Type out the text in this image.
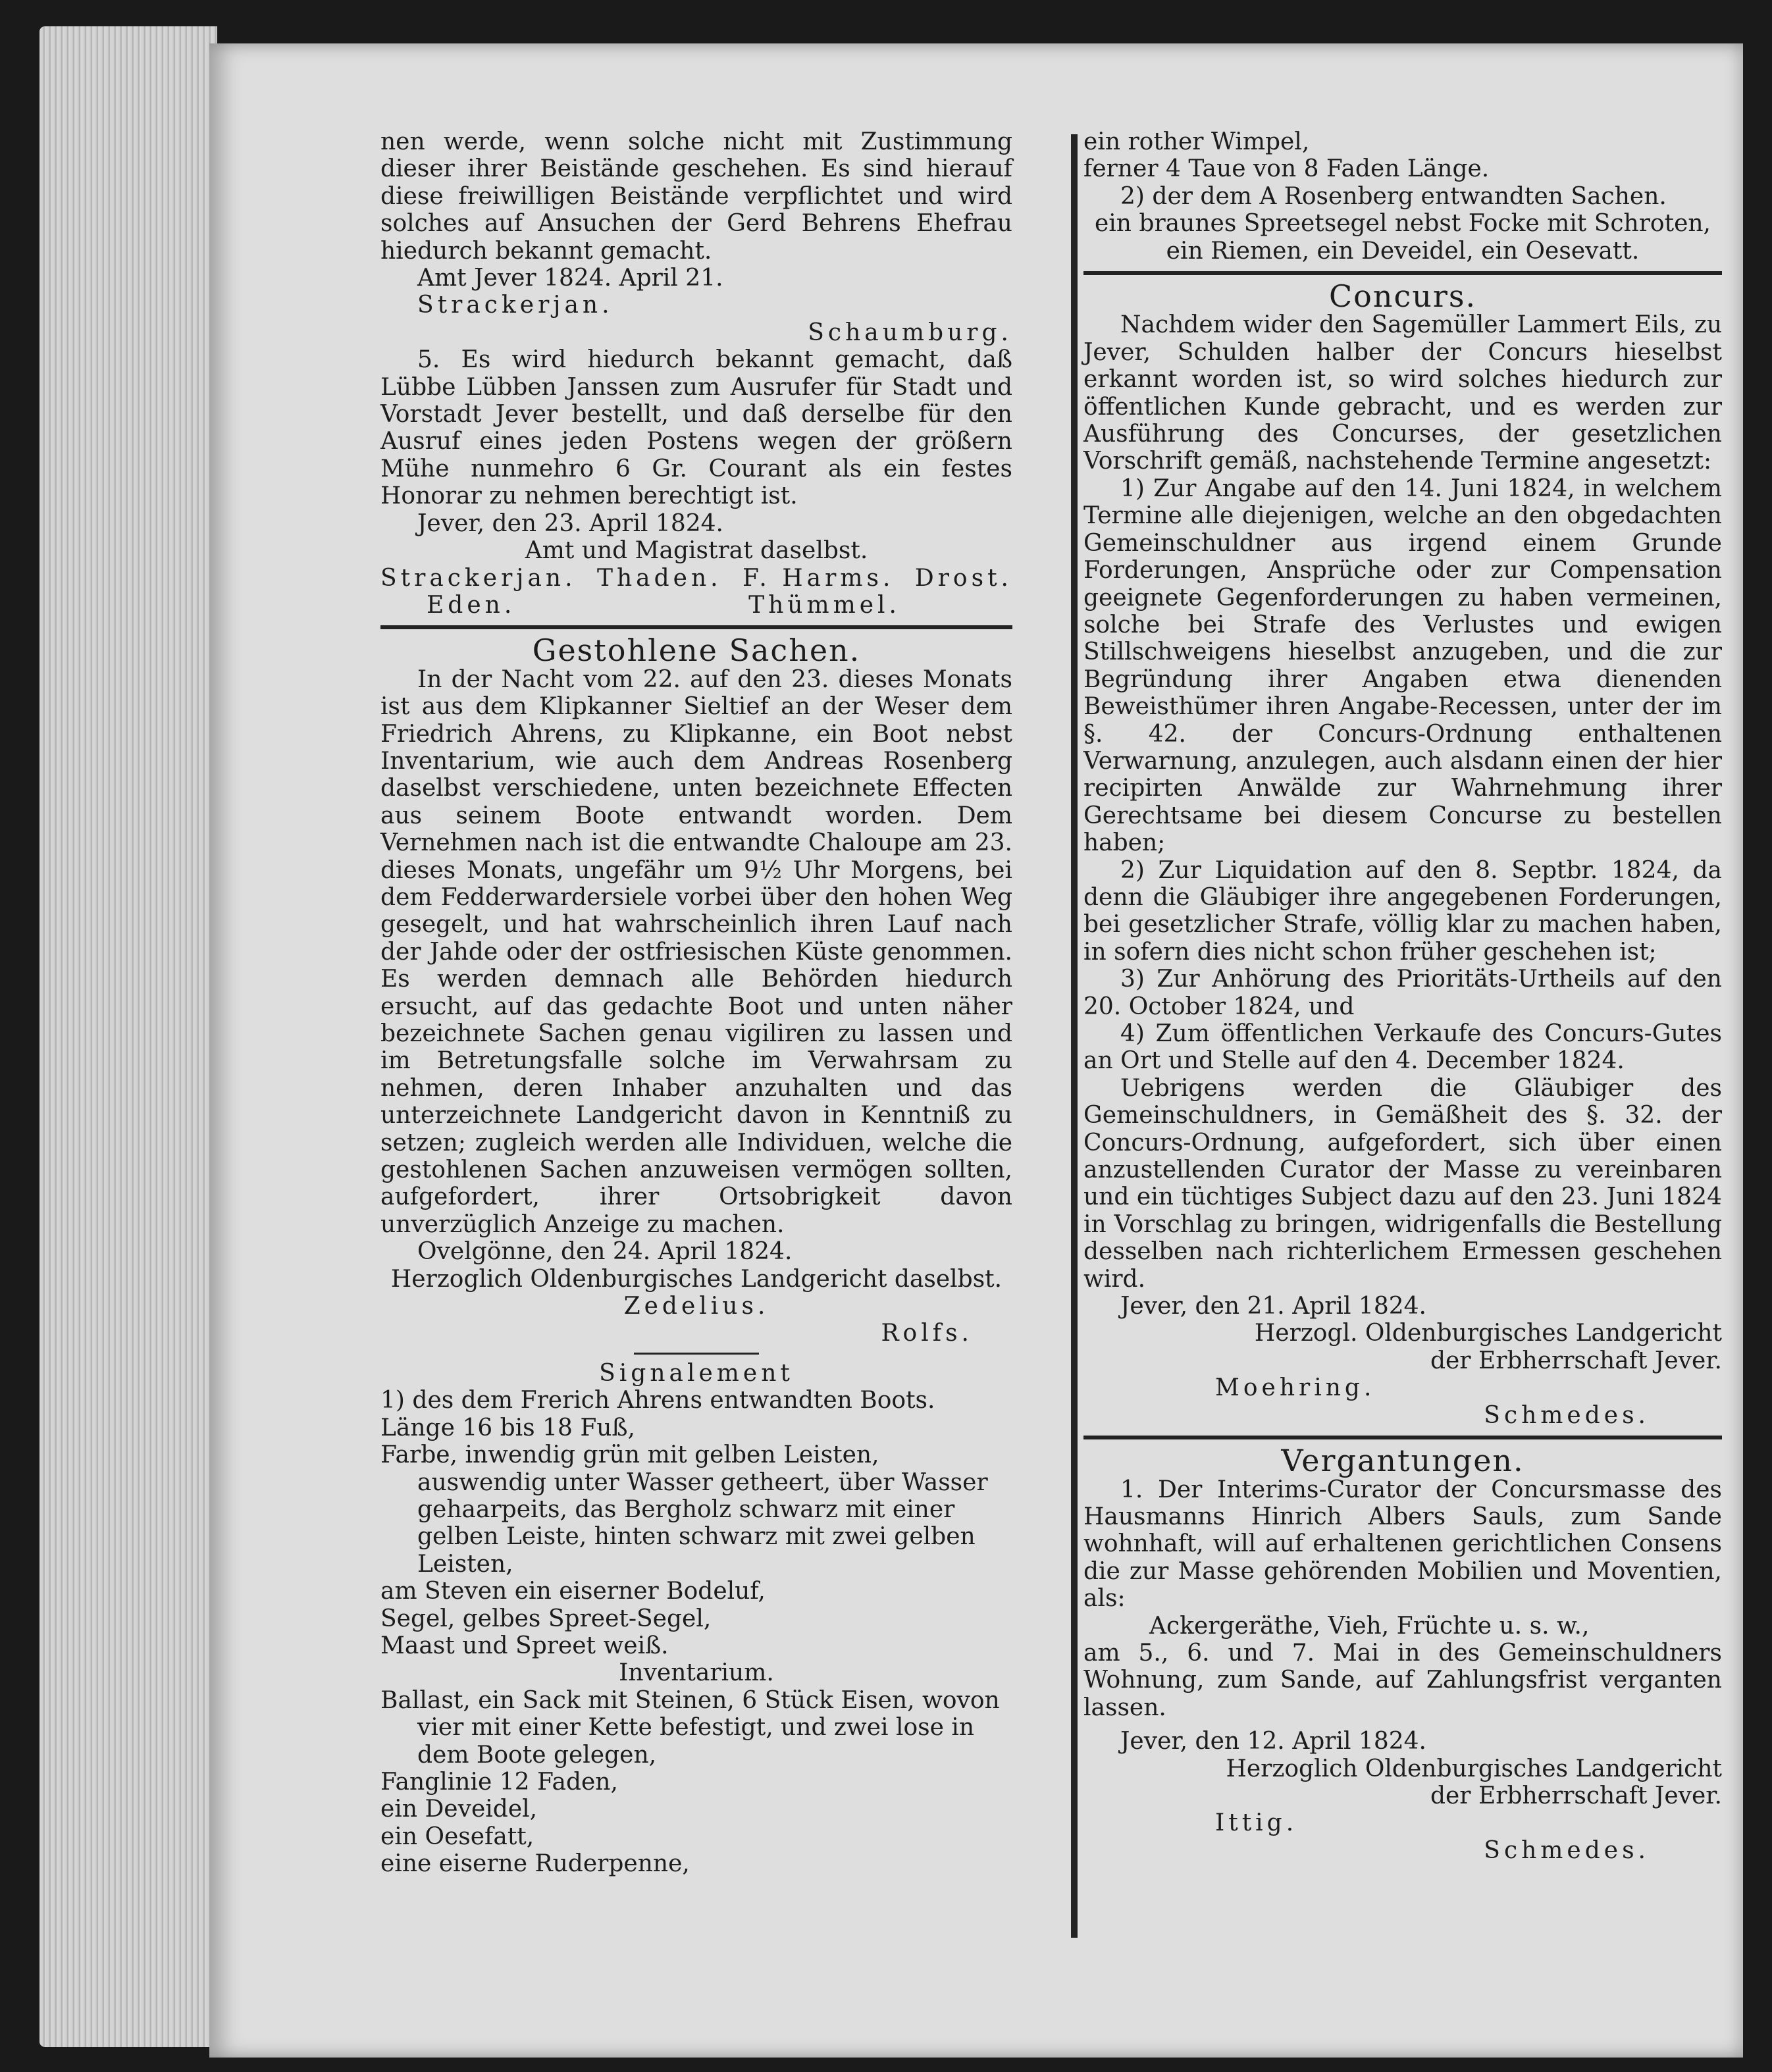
nen werde, wenn solche nicht mit Zustimmung dieser ihrer Beistände geschehen. Es sind hierauf diese freiwilligen Beistände verpflichtet und wird solches auf Ansuchen der Gerd Behrens Ehefrau hiedurch bekannt gemacht.

Amt Jever 1824. April 21.

Strackerjan.

Schaumburg.

5. Es wird hiedurch bekannt gemacht, daß Lübbe Lübben Janssen zum Ausrufer für Stadt und Vorstadt Jever bestellt, und daß derselbe für den Ausruf eines jeden Postens wegen der größern Mühe nunmehro 6 Gr. Courant als ein festes Honorar zu nehmen berechtigt ist.

Jever, den 23. April 1824.

Amt und Magistrat daselbst.

Strackerjan. Thaden. F. Harms. Drost.
Eden.	Thümmel.
Gestohlene Sachen.

In der Nacht vom 22. auf den 23. dieses Monats ist aus dem Klipkanner Sieltief an der Weser dem Friedrich Ahrens, zu Klipkanne, ein Boot nebst Inventarium, wie auch dem Andreas Rosenberg daselbst verschiedene, unten bezeichnete Effecten aus seinem Boote entwandt worden. Dem Vernehmen nach ist die entwandte Chaloupe am 23. dieses Monats, ungefähr um 9½ Uhr Morgens, bei dem Fedderwardersiele vorbei über den hohen Weg gesegelt, und hat wahrscheinlich ihren Lauf nach der Jahde oder der ostfriesischen Küste genommen. Es werden demnach alle Behörden hiedurch ersucht, auf das gedachte Boot und unten näher bezeichnete Sachen genau vigiliren zu lassen und im Betretungsfalle solche im Verwahrsam zu nehmen, deren Inhaber anzuhalten und das unterzeichnete Landgericht davon in Kenntniß zu setzen; zugleich werden alle Individuen, welche die gestohlenen Sachen anzuweisen vermögen sollten, aufgefordert, ihrer Ortsobrigkeit davon unverzüglich Anzeige zu machen.

Ovelgönne, den 24. April 1824.

Herzoglich Oldenburgisches Landgericht daselbst.

Zedelius.

Rolfs.

Signalement

1) des dem Frerich Ahrens entwandten Boots.

Länge 16 bis 18 Fuß,

Farbe, inwendig grün mit gelben Leisten, auswendig unter Wasser getheert, über Wasser gehaarpeits, das Bergholz schwarz mit einer gelben Leiste, hinten schwarz mit zwei gelben Leisten,

am Steven ein eiserner Bodeluf,

Segel, gelbes Spreet-Segel,

Maast und Spreet weiß.

Inventarium.

Ballast, ein Sack mit Steinen, 6 Stück Eisen, wovon vier mit einer Kette befestigt, und zwei lose in dem Boote gelegen,

Fanglinie 12 Faden,

ein Deveidel,

ein Oesefatt,

eine eiserne Ruderpenne,

ein rother Wimpel,

ferner 4 Taue von 8 Faden Länge.

2) der dem A Rosenberg entwandten Sachen.

ein braunes Spreetsegel nebst Focke mit Schroten, ein Riemen, ein Deveidel, ein Oesevatt.

Concurs.

Nachdem wider den Sagemüller Lammert Eils, zu Jever, Schulden halber der Concurs hieselbst erkannt worden ist, so wird solches hiedurch zur öffentlichen Kunde gebracht, und es werden zur Ausführung des Concurses, der gesetzlichen Vorschrift gemäß, nachstehende Termine angesetzt:

1) Zur Angabe auf den 14. Juni 1824, in welchem Termine alle diejenigen, welche an den obgedachten Gemeinschuldner aus irgend einem Grunde Forderungen, Ansprüche oder zur Compensation geeignete Gegenforderungen zu haben vermeinen, solche bei Strafe des Verlustes und ewigen Stillschweigens hieselbst anzugeben, und die zur Begründung ihrer Angaben etwa dienenden Beweisthümer ihren Angabe-Recessen, unter der im §. 42. der Concurs-Ordnung enthaltenen Verwarnung, anzulegen, auch alsdann einen der hier recipirten Anwälde zur Wahrnehmung ihrer Gerechtsame bei diesem Concurse zu bestellen haben;

2) Zur Liquidation auf den 8. Septbr. 1824, da denn die Gläubiger ihre angegebenen Forderungen, bei gesetzlicher Strafe, völlig klar zu machen haben, in sofern dies nicht schon früher geschehen ist;

3) Zur Anhörung des Prioritäts-Urtheils auf den 20. October 1824, und

4) Zum öffentlichen Verkaufe des Concurs-Gutes an Ort und Stelle auf den 4. December 1824.

Uebrigens werden die Gläubiger des Gemeinschuldners, in Gemäßheit des §. 32. der Concurs-Ordnung, aufgefordert, sich über einen anzustellenden Curator der Masse zu vereinbaren und ein tüchtiges Subject dazu auf den 23. Juni 1824 in Vorschlag zu bringen, widrigenfalls die Bestellung desselben nach richterlichem Ermessen geschehen wird.

Jever, den 21. April 1824.

Herzogl. Oldenburgisches Landgericht der Erbherrschaft Jever.

Moehring.

Schmedes.

Vergantungen.

1. Der Interims-Curator der Concursmasse des Hausmanns Hinrich Albers Sauls, zum Sande wohnhaft, will auf erhaltenen gerichtlichen Consens die zur Masse gehörenden Mobilien und Moventien, als:

Ackergeräthe, Vieh, Früchte u. s. w.,

am 5., 6. und 7. Mai in des Gemeinschuldners Wohnung, zum Sande, auf Zahlungsfrist verganten lassen.

Jever, den 12. April 1824.

Herzoglich Oldenburgisches Landgericht der Erbherrschaft Jever.

Ittig.

Schmedes.
